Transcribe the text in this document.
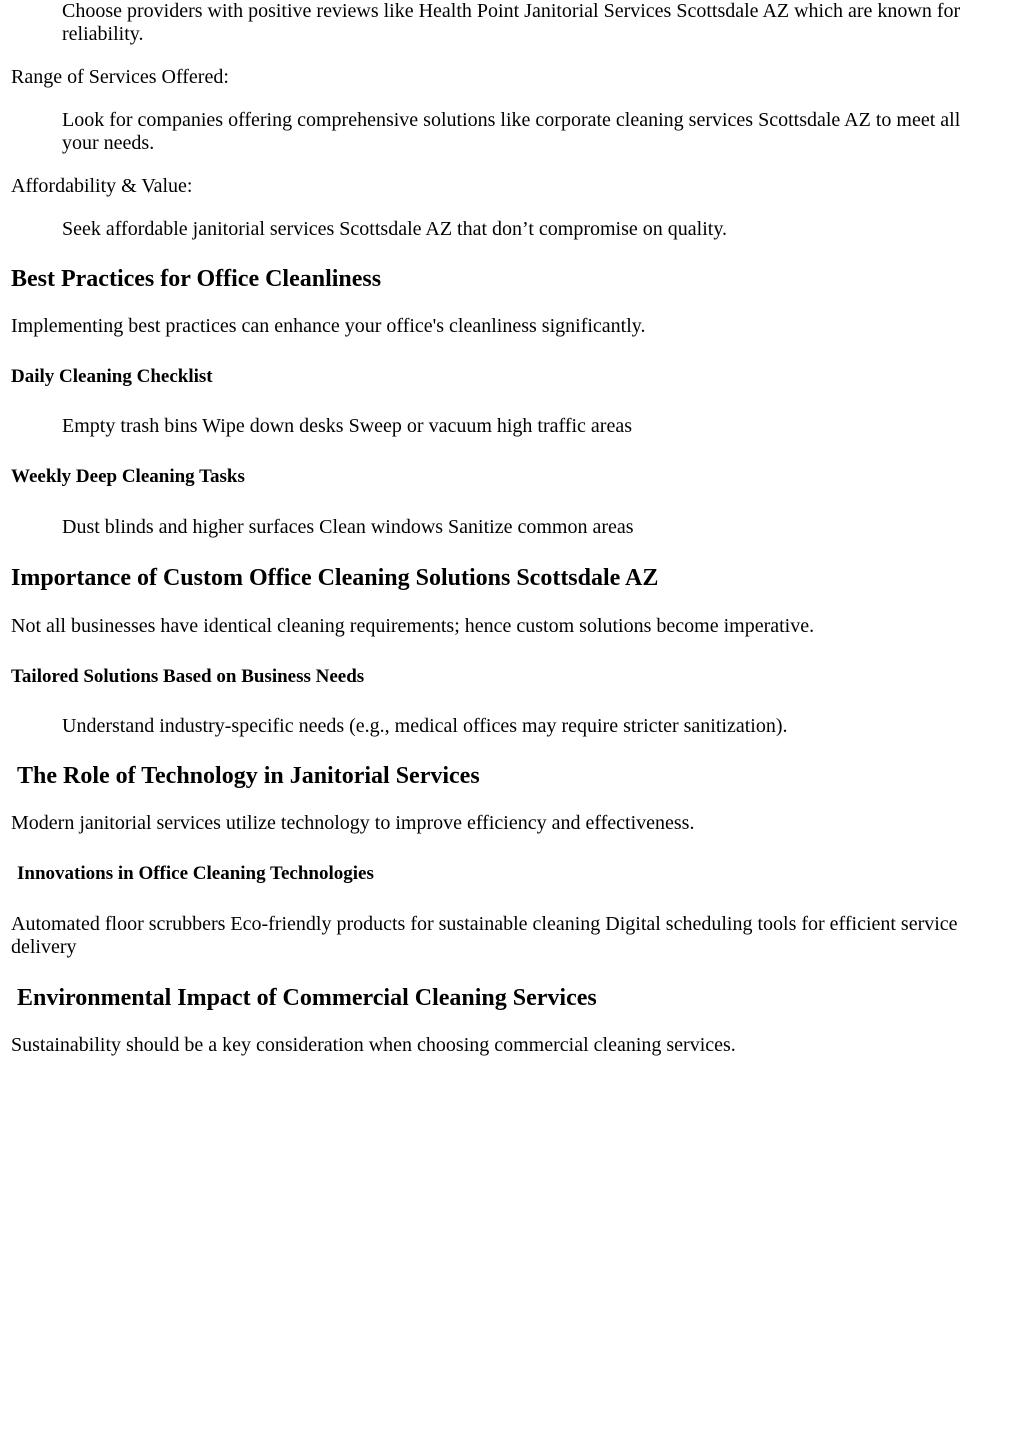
Choose providers with positive reviews like Health Point Janitorial Services Scottsdale AZ which are known for reliability.

Range of Services Offered:

Look for companies offering comprehensive solutions like corporate cleaning services Scottsdale AZ to meet all your needs.

Affordability & Value:

Seek affordable janitorial services Scottsdale AZ that don’t compromise on quality.

Best Practices for Office Cleanliness

Implementing best practices can enhance your office's cleanliness significantly.

Daily Cleaning Checklist

Empty trash bins Wipe down desks Sweep or vacuum high traffic areas

Weekly Deep Cleaning Tasks

Dust blinds and higher surfaces Clean windows Sanitize common areas

Importance of Custom Office Cleaning Solutions Scottsdale AZ

Not all businesses have identical cleaning requirements; hence custom solutions become imperative.

Tailored Solutions Based on Business Needs

Understand industry-specific needs (e.g., medical offices may require stricter sanitization).

The Role of Technology in Janitorial Services

Modern janitorial services utilize technology to improve efficiency and effectiveness.

Innovations in Office Cleaning Technologies

Automated floor scrubbers Eco-friendly products for sustainable cleaning Digital scheduling tools for efficient service delivery

Environmental Impact of Commercial Cleaning Services

Sustainability should be a key consideration when choosing commercial cleaning services.
